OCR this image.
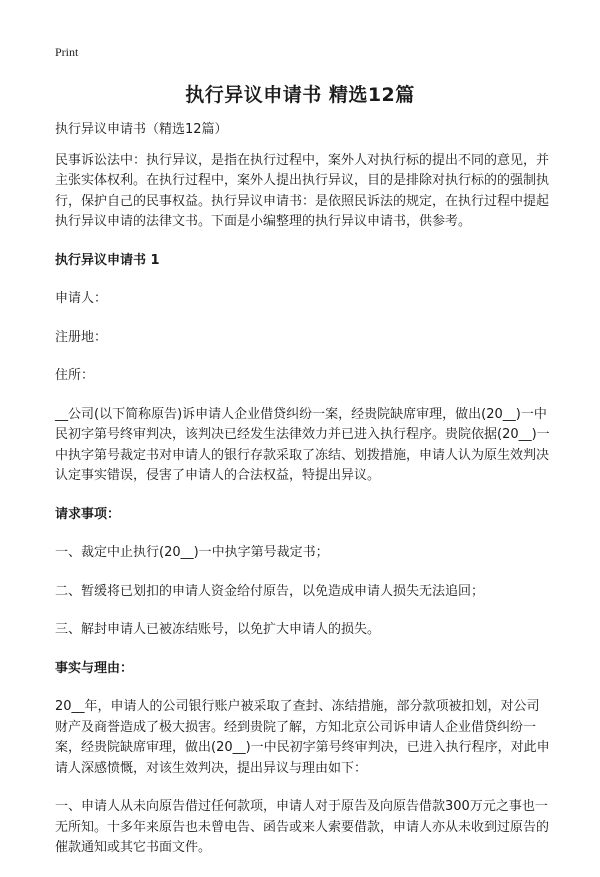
Print
执行异议申请书 精选12篇

执行异议申请书（精选12篇）

民事诉讼法中：执行异议，是指在执行过程中，案外人对执行标的提出不同的意见，并主张实体权利。在执行过程中，案外人提出执行异议，目的是排除对执行标的的强制执行，保护自己的民事权益。执行异议申请书：是依照民诉法的规定，在执行过程中提起执行异议申请的法律文书。下面是小编整理的执行异议申请书，供参考。

执行异议申请书 1

申请人：

注册地：

住所：

__公司(以下简称原告)诉申请人企业借贷纠纷一案，经贵院缺席审理，做出(20__)一中民初字第号终审判决，该判决已经发生法律效力并已进入执行程序。贵院依据(20__)一中执字第号裁定书对申请人的银行存款采取了冻结、划拨措施，申请人认为原生效判决认定事实错误，侵害了申请人的合法权益，特提出异议。

请求事项：

一、裁定中止执行(20__)一中执字第号裁定书；

二、暂缓将已划扣的申请人资金给付原告，以免造成申请人损失无法追回；

三、解封申请人已被冻结账号，以免扩大申请人的损失。

事实与理由：

20__年，申请人的公司银行账户被采取了查封、冻结措施，部分款项被扣划，对公司财产及商誉造成了极大损害。经到贵院了解，方知北京公司诉申请人企业借贷纠纷一案，经贵院缺席审理，做出(20__)一中民初字第号终审判决，已进入执行程序，对此申请人深感愤慨，对该生效判决，提出异议与理由如下：

一、申请人从未向原告借过任何款项，申请人对于原告及向原告借款300万元之事也一无所知。十多年来原告也未曾电告、函告或来人索要借款，申请人亦从未收到过原告的催款通知或其它书面文件。
